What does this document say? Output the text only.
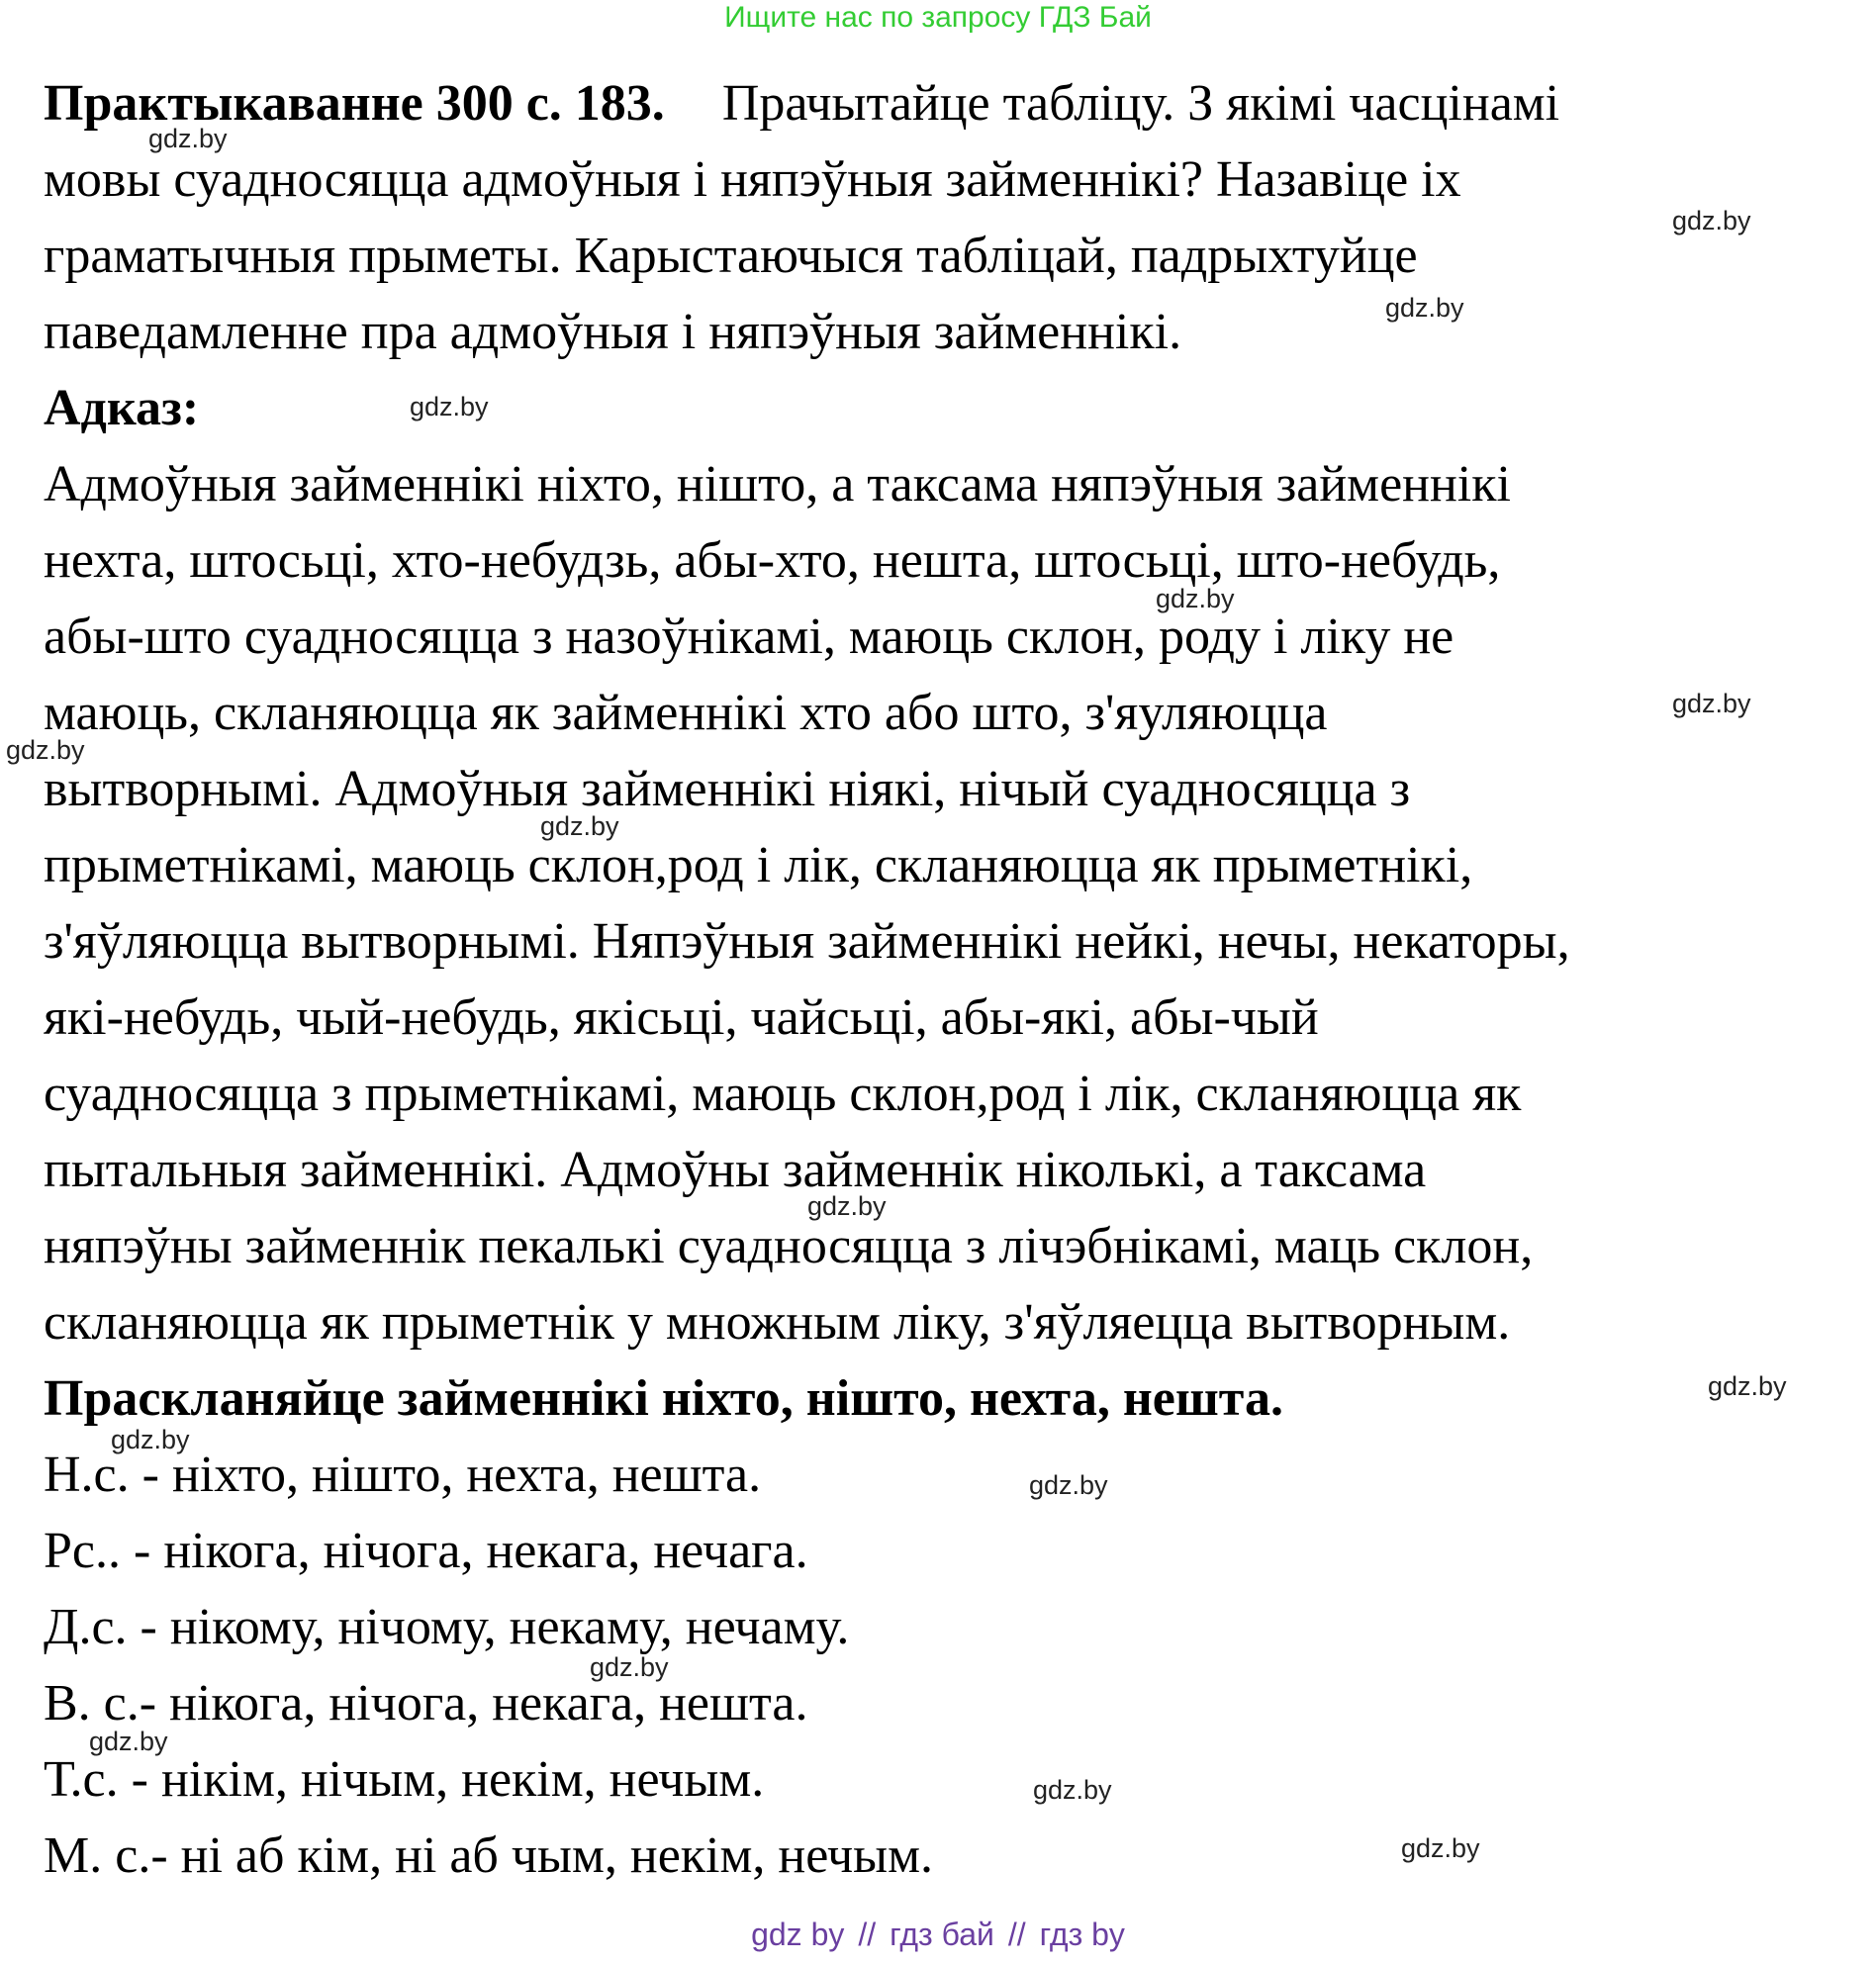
Ищите нас по запросу ГДЗ Бай
Практыкаванне 300 с. 183. Прачытайце табліцу. З якімі часцінамі
мовы суадносяцца адмоўныя і няпэўныя займеннікі? Назавіце іх
граматычныя прыметы. Карыстаючыся табліцай, падрыхтуйце
паведамленне пра адмоўныя і няпэўныя займеннікі.
Адказ:
Адмоўныя займеннікі ніхто, нішто, а таксама няпэўныя займеннікі
нехта, штосьці, хто-небудзь, абы-хто, нешта, штосьці, што-небудь,
абы-што суадносяцца з назоўнікамі, маюць склон, роду і ліку не
маюць, скланяюцца як займеннікі хто або што, з'яуляюцца
вытворнымі. Адмоўныя займеннікі ніякі, нічый суадносяцца з
прыметнікамі, маюць склон,род і лік, скланяюцца як прыметнікі,
з'яўляюцца вытворнымі. Няпэўныя займеннікі нейкі, нечы, некаторы,
які-небудь, чый-небудь, якісьці, чайсьці, абы-які, абы-чый
суадносяцца з прыметнікамі, маюць склон,род і лік, скланяюцца як
пытальныя займеннікі. Адмоўны займеннік нікольк​і, а таксама
няпэўны займеннік пекалькі суадносяцца з лічэбнікамі, маць склон,
скланяюцца як прыметнік у множным ліку, з'яўляецца вытворным.
Праскланяйце займеннікі ніхто, нішто, нехта, нешта.
Н.с. - ніхто, нішто, нехта, нешта.
Рс.. - нікога, нічога, некага, нечага.
Д.с. - нікому, нічому, некаму, нечаму.
В. с.- нікога, нічога, некага, нешта.
Т.с. - нікім, нічым, некім, нечым.
М. с.- ні аб кім, ні аб чым, некім, нечым.
gdz.by
gdz.by
gdz.by
gdz.by
gdz.by
gdz.by
gdz.by
gdz.by
gdz.by
gdz.by
gdz.by
gdz.by
gdz.by
gdz.by
gdz.by
gdz.by
gdz by // гдз бай // гдз by
